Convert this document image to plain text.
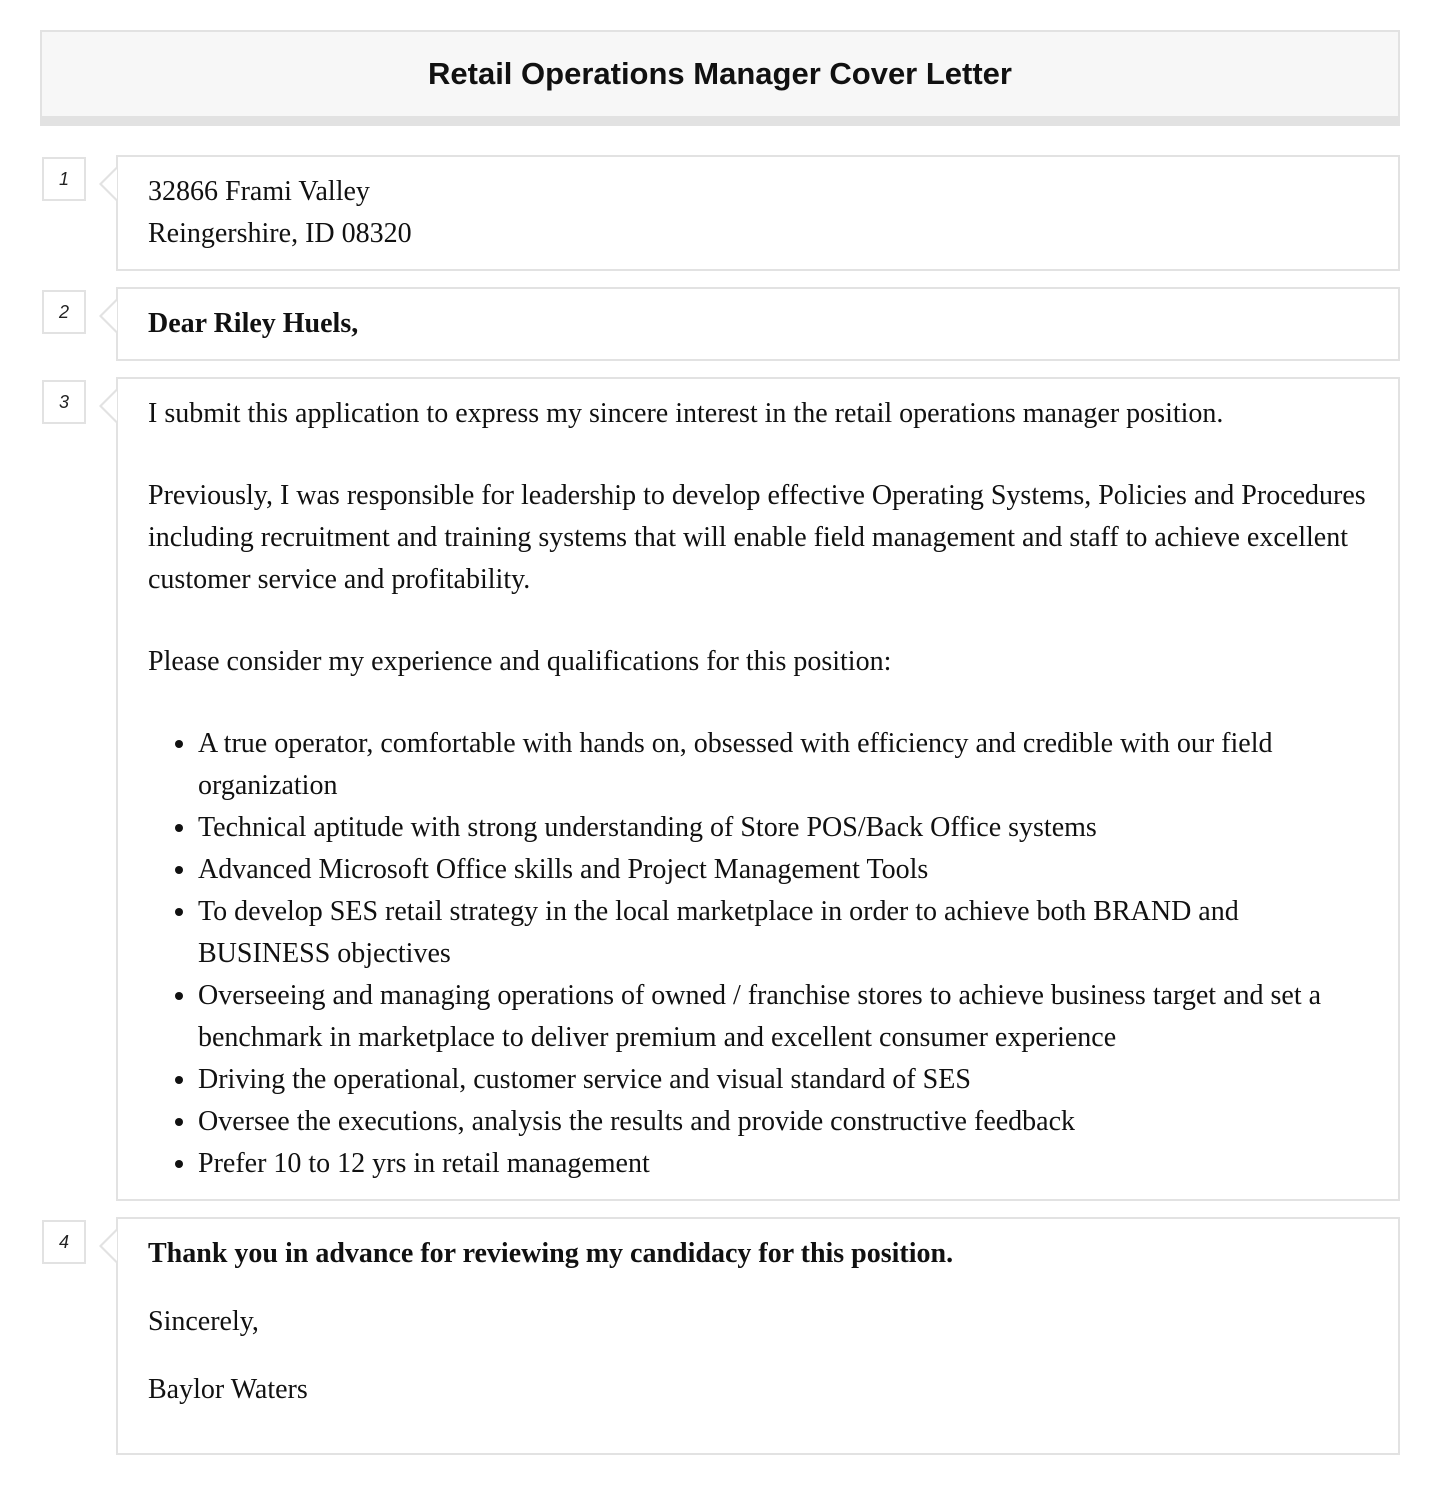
Retail Operations Manager Cover Letter
1	32866 Frami Valley

Reingershire, ID 08320

2	Dear Riley Huels,

3	I submit this application to express my sincere interest in the retail operations manager position.

Previously, I was responsible for leadership to develop effective Operating Systems, Policies and Procedures including recruitment and training systems that will enable field management and staff to achieve excellent customer service and profitability.

Please consider my experience and qualifications for this position:

• A true operator, comfortable with hands on, obsessed with efficiency and credible with our field organization
• Technical aptitude with strong understanding of Store POS/Back Office systems
• Advanced Microsoft Office skills and Project Management Tools
• To develop SES retail strategy in the local marketplace in order to achieve both BRAND and BUSINESS objectives
• Overseeing and managing operations of owned / franchise stores to achieve business target and set a benchmark in marketplace to deliver premium and excellent consumer experience
• Driving the operational, customer service and visual standard of SES
• Oversee the executions, analysis the results and provide constructive feedback
• Prefer 10 to 12 yrs in retail management
4	Thank you in advance for reviewing my candidacy for this position.

Sincerely,

Baylor Waters
